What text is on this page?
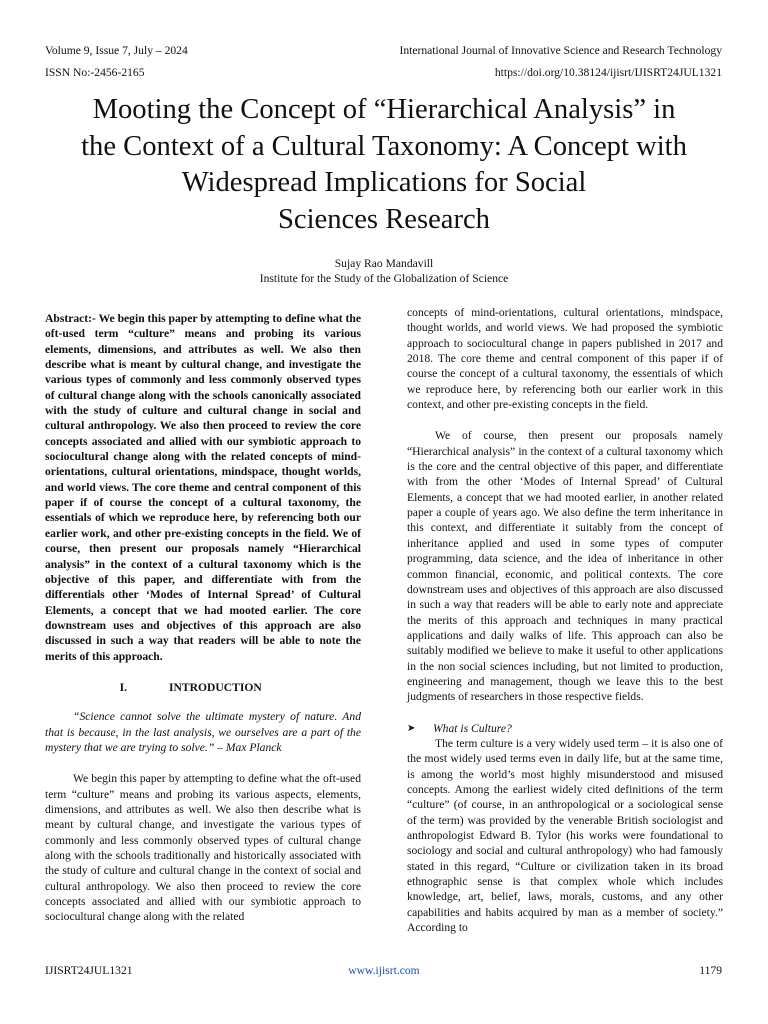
Volume 9, Issue 7, July – 2024
ISSN No:-2456-2165
International Journal of Innovative Science and Research Technology
https://doi.org/10.38124/ijisrt/IJISRT24JUL1321
Mooting the Concept of “Hierarchical Analysis” in
the Context of a Cultural Taxonomy: A Concept with
Widespread Implications for Social
Sciences Research
Sujay Rao Mandavill
Institute for the Study of the Globalization of Science

Abstract:- We begin this paper by attempting to define what the oft-used term “culture” means and probing its various elements, dimensions, and attributes as well. We also then describe what is meant by cultural change, and investigate the various types of commonly and less commonly observed types of cultural change along with the schools canonically associated with the study of culture and cultural change in social and cultural anthropology. We also then proceed to review the core concepts associated and allied with our symbiotic approach to sociocultural change along with the related concepts of mind-orientations, cultural orientations, mindspace, thought worlds, and world views. The core theme and central component of this paper if of course the concept of a cultural taxonomy, the essentials of which we reproduce here, by referencing both our earlier work, and other pre-existing concepts in the field. We of course, then present our proposals namely “Hierarchical analysis” in the context of a cultural taxonomy which is the objective of this paper, and differentiate with from the differentials other ‘Modes of Internal Spread’ of Cultural Elements, a concept that we had mooted earlier. The core downstream uses and objectives of this approach are also discussed in such a way that readers will be able to note the merits of this approach.

I.	INTRODUCTION

“Science cannot solve the ultimate mystery of nature. And that is because, in the last analysis, we ourselves are a part of the mystery that we are trying to solve.” – Max Planck

We begin this paper by attempting to define what the oft-used term “culture” means and probing its various aspects, elements, dimensions, and attributes as well. We also then describe what is meant by cultural change, and investigate the various types of commonly and less commonly observed types of cultural change along with the schools traditionally and historically associated with the study of culture and cultural change in the context of social and cultural anthropology. We also then proceed to review the core concepts associated and allied with our symbiotic approach to sociocultural change along with the related

concepts of mind-orientations, cultural orientations, mindspace, thought worlds, and world views. We had proposed the symbiotic approach to sociocultural change in papers published in 2017 and 2018. The core theme and central component of this paper if of course the concept of a cultural taxonomy, the essentials of which we reproduce here, by referencing both our earlier work in this context, and other pre-existing concepts in the field.

We of course, then present our proposals namely “Hierarchical analysis” in the context of a cultural taxonomy which is the core and the central objective of this paper, and differentiate with from the other ‘Modes of Internal Spread’ of Cultural Elements, a concept that we had mooted earlier, in another related paper a couple of years ago. We also define the term inheritance in this context, and differentiate it suitably from the concept of inheritance applied and used in some types of computer programming, data science, and the idea of inheritance in other common financial, economic, and political contexts. The core downstream uses and objectives of this approach are also discussed in such a way that readers will be able to early note and appreciate the merits of this approach and techniques in many practical applications and daily walks of life. This approach can also be suitably modified we believe to make it useful to other applications in the non social sciences including, but not limited to production, engineering and management, though we leave this to the best judgments of researchers in those respective fields.

➤	What is Culture?

The term culture is a very widely used term – it is also one of the most widely used terms even in daily life, but at the same time, is among the world’s most highly misunderstood and misused concepts. Among the earliest widely cited definitions of the term “culture” (of course, in an anthropological or a sociological sense of the term) was provided by the venerable British sociologist and anthropologist Edward B. Tylor (his works were foundational to sociology and social and cultural anthropology) who had famously stated in this regard, “Culture or civilization taken in its broad ethnographic sense is that complex whole which includes knowledge, art, belief, laws, morals, customs, and any other capabilities and habits acquired by man as a member of society.” According to

IJISRT24JUL1321	www.ijisrt.com	1179
